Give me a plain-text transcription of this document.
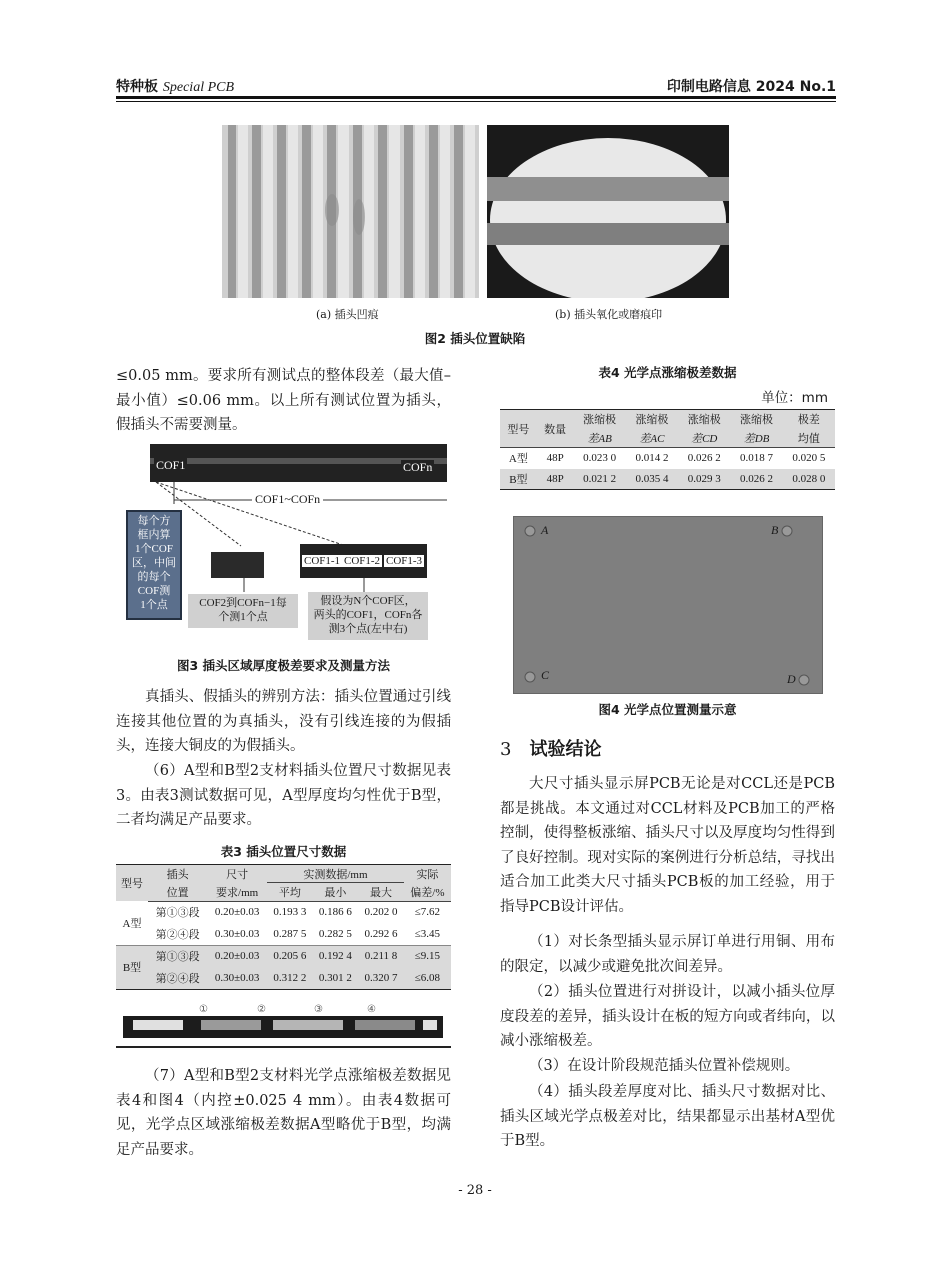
特种板 Special PCB	印制电路信息 2024 No.1
(a) 插头凹痕	(b) 插头氧化或磨痕印
图2 插头位置缺陷
≤0.05 mm。要求所有测试点的整体段差（最大值–最小值）≤0.06 mm。以上所有测试位置为插头，假插头不需要测量。
COF1	COFn
COF1~COFn
每个方
框内算
1个COF
区，中间
的每个
COF测
1个点
COF1-1 COF1-2 COF1-3
COF2到COFn−1每
个测1个点
假设为N个COF区，
两头的COF1，COFn各
测3个点(左中右)
图3 插头区域厚度极差要求及测量方法
真插头、假插头的辨别方法：插头位置通过引线连接其他位置的为真插头，没有引线连接的为假插头，连接大铜皮的为假插头。
（6）A型和B型2支材料插头位置尺寸数据见表3。由表3测试数据可见，A型厚度均匀性优于B型，二者均满足产品要求。
表3 插头位置尺寸数据
型号	插头	尺寸	实测数据/mm			实际
	位置	要求/mm	平均	最小	最大	偏差/%
A型	第①③段	0.20±0.03	0.193 3	0.186 6	0.202 0	≤7.62
	第②④段	0.30±0.03	0.287 5	0.282 5	0.292 6	≤3.45
B型	第①③段	0.20±0.03	0.205 6	0.192 4	0.211 8	≤9.15
	第②④段	0.30±0.03	0.312 2	0.301 2	0.320 7	≤6.08
①	②	③	④
（7）A型和B型2支材料光学点涨缩极差数据见表4和图4（内控±0.025 4 mm）。由表4数据可见，光学点区域涨缩极差数据A型略优于B型，均满足产品要求。
表4 光学点涨缩极差数据
单位：mm
型号	数量	涨缩极	涨缩极	涨缩极	涨缩极	极差
		差AB	差AC	差CD	差DB	均值
A型	48P	0.023 0	0.014 2	0.026 2	0.018 7	0.020 5
B型	48P	0.021 2	0.035 4	0.029 3	0.026 2	0.028 0
A	B
C	D
图4 光学点位置测量示意
3 试验结论
大尺寸插头显示屏PCB无论是对CCL还是PCB都是挑战。本文通过对CCL材料及PCB加工的严格控制，使得整板涨缩、插头尺寸以及厚度均匀性得到了良好控制。现对实际的案例进行分析总结，寻找出适合加工此类大尺寸插头PCB板的加工经验，用于指导PCB设计评估。
（1）对长条型插头显示屏订单进行用铜、用布的限定，以减少或避免批次间差异。
（2）插头位置进行对拼设计，以减小插头位厚度段差的差异，插头设计在板的短方向或者纬向，以减小涨缩极差。
（3）在设计阶段规范插头位置补偿规则。
（4）插头段差厚度对比、插头尺寸数据对比、插头区域光学点极差对比，结果都显示出基材A型优于B型。
- 28 -
